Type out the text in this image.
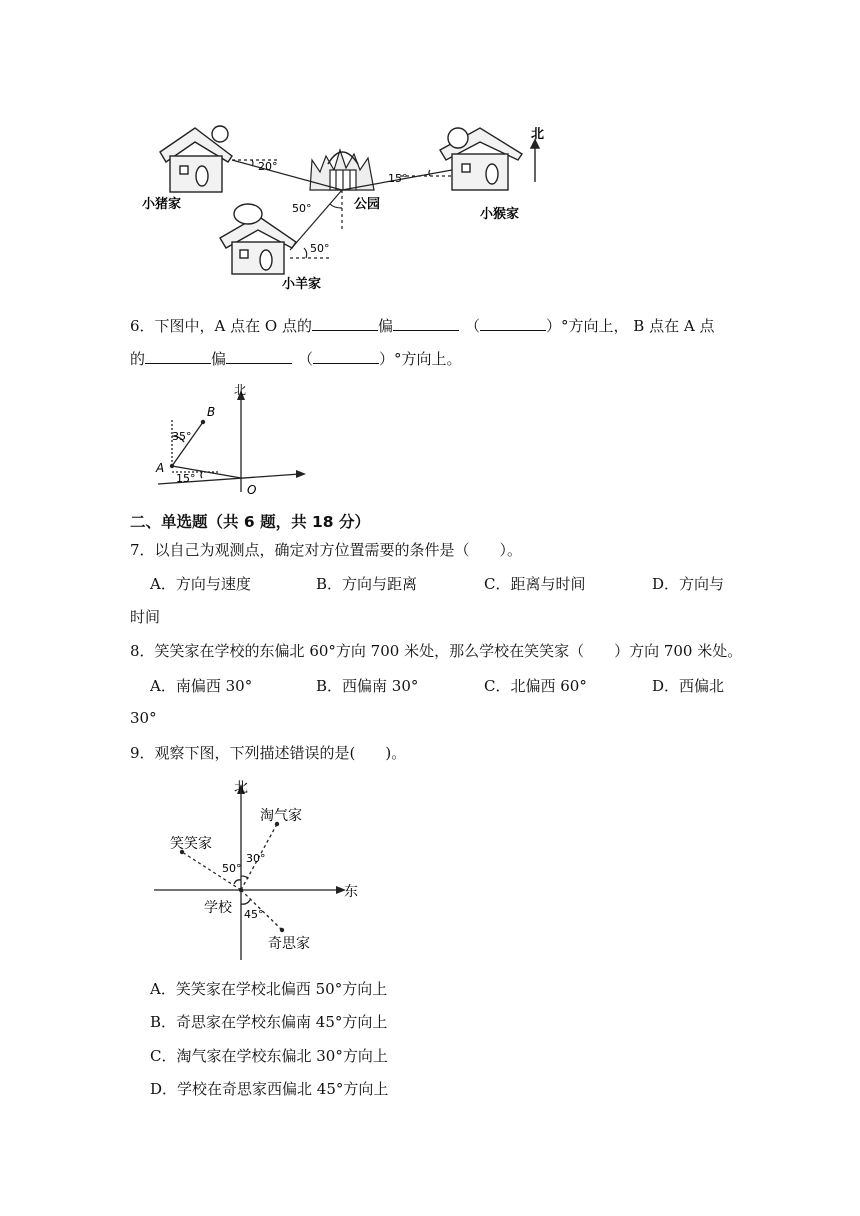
北
20°
15°
50°
50°
小猪家	公园
小猴家
小羊家
6．下图中，A 点在 O 点的	偏	（	）°方向上， B 点在 A 点
的	偏	（	）°方向上。
北
B
35°
A
15°
O
二、单选题（共 6 题，共 18 分）
7．以自己为观测点，确定对方位置需要的条件是（　　）。
A．方向与速度	B．方向与距离	C．距离与时间	D．方向与
时间
8．笑笑家在学校的东偏北 60°方向 700 米处，那么学校在笑笑家（　　）方向 700 米处。
A．南偏西 30°	B．西偏南 30°	C．北偏西 60°	D．西偏北
30°
9．观察下图，下列描述错误的是(　　)。
北
东
淘气家
笑笑家
50°
30°
学校 45°
奇思家
A．笑笑家在学校北偏西 50°方向上
B．奇思家在学校东偏南 45°方向上
C．淘气家在学校东偏北 30°方向上
D．学校在奇思家西偏北 45°方向上
